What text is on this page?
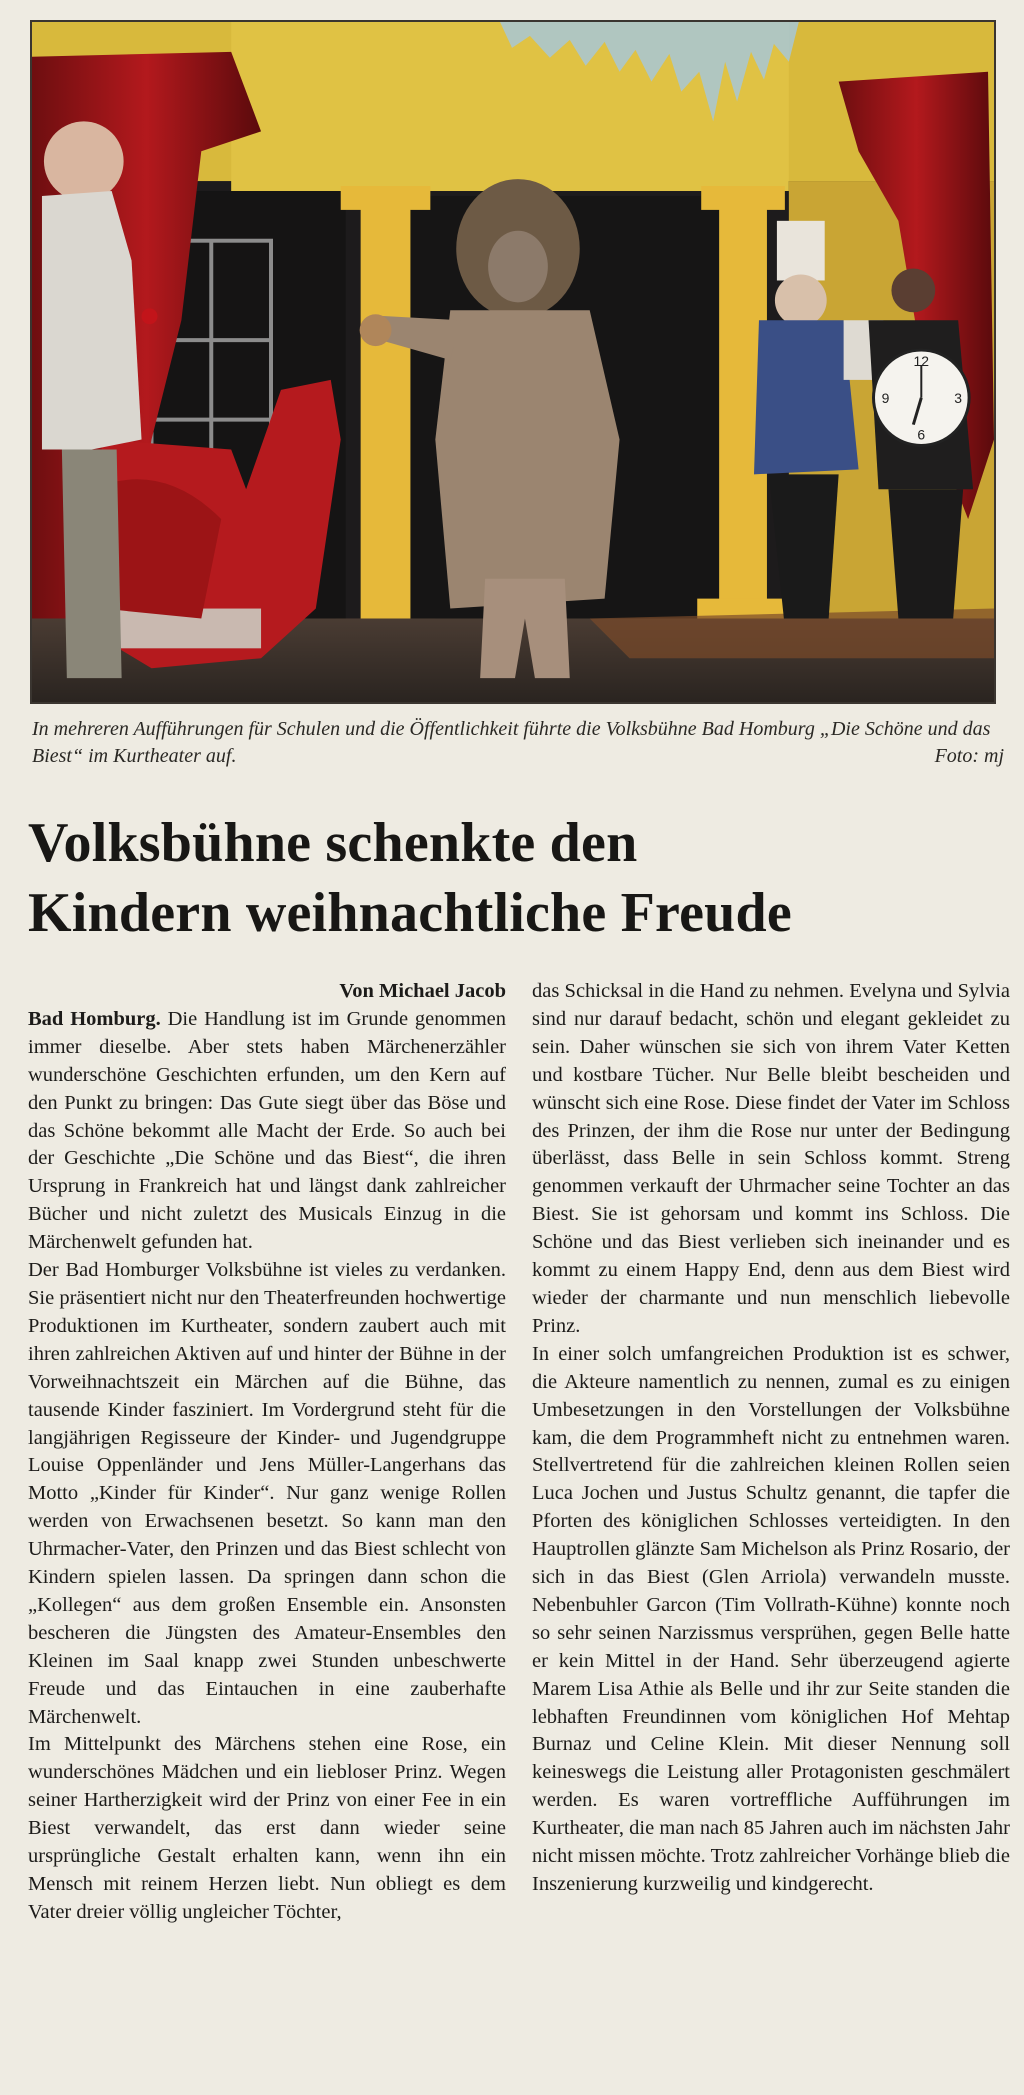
12
3
6
9
In mehreren Aufführungen für Schulen und die Öffentlichkeit führte die Volksbühne Bad Homburg „Die Schöne und das Biest“ im Kurtheater auf.	Foto: mj
Volksbühne schenkte den
Kindern weihnachtliche Freude

Von Michael Jacob

Bad Homburg. Die Handlung ist im Grunde genommen immer dieselbe. Aber stets haben Märchenerzähler wunderschöne Geschichten erfunden, um den Kern auf den Punkt zu bringen: Das Gute siegt über das Böse und das Schöne bekommt alle Macht der Erde. So auch bei der Geschichte „Die Schöne und das Biest“, die ihren Ursprung in Frankreich hat und längst dank zahlreicher Bücher und nicht zuletzt des Musicals Einzug in die Märchenwelt gefunden hat.

Der Bad Homburger Volksbühne ist vieles zu verdanken. Sie präsentiert nicht nur den Theaterfreunden hochwertige Produktionen im Kurtheater, sondern zaubert auch mit ihren zahlreichen Aktiven auf und hinter der Bühne in der Vorweihnachtszeit ein Märchen auf die Bühne, das tausende Kinder fasziniert. Im Vordergrund steht für die langjährigen Regisseure der Kinder- und Jugendgruppe Louise Oppenländer und Jens Müller-Langerhans das Motto „Kinder für Kinder“. Nur ganz wenige Rollen werden von Erwachsenen besetzt. So kann man den Uhrmacher-Vater, den Prinzen und das Biest schlecht von Kindern spielen lassen. Da springen dann schon die „Kollegen“ aus dem großen Ensemble ein. Ansonsten bescheren die Jüngsten des Amateur-Ensembles den Kleinen im Saal knapp zwei Stunden unbeschwerte Freude und das Eintauchen in eine zauberhafte Märchenwelt.

Im Mittelpunkt des Märchens stehen eine Rose, ein wunderschönes Mädchen und ein liebloser Prinz. Wegen seiner Hartherzigkeit wird der Prinz von einer Fee in ein Biest verwandelt, das erst dann wieder seine ursprüngliche Gestalt erhalten kann, wenn ihn ein Mensch mit reinem Herzen liebt. Nun obliegt es dem Vater dreier völlig ungleicher Töchter,

das Schicksal in die Hand zu nehmen. Evelyna und Sylvia sind nur darauf bedacht, schön und elegant gekleidet zu sein. Daher wünschen sie sich von ihrem Vater Ketten und kostbare Tücher. Nur Belle bleibt bescheiden und wünscht sich eine Rose. Diese findet der Vater im Schloss des Prinzen, der ihm die Rose nur unter der Bedingung überlässt, dass Belle in sein Schloss kommt. Streng genommen verkauft der Uhrmacher seine Tochter an das Biest. Sie ist gehorsam und kommt ins Schloss. Die Schöne und das Biest verlieben sich ineinander und es kommt zu einem Happy End, denn aus dem Biest wird wieder der charmante und nun menschlich liebevolle Prinz.

In einer solch umfangreichen Produktion ist es schwer, die Akteure namentlich zu nennen, zumal es zu einigen Umbesetzungen in den Vorstellungen der Volksbühne kam, die dem Programmheft nicht zu entnehmen waren. Stellvertretend für die zahlreichen kleinen Rollen seien Luca Jochen und Justus Schultz genannt, die tapfer die Pforten des königlichen Schlosses verteidigten. In den Hauptrollen glänzte Sam Michelson als Prinz Rosario, der sich in das Biest (Glen Arriola) verwandeln musste. Nebenbuhler Garcon (Tim Vollrath-Kühne) konnte noch so sehr seinen Narzissmus versprühen, gegen Belle hatte er kein Mittel in der Hand. Sehr überzeugend agierte Marem Lisa Athie als Belle und ihr zur Seite standen die lebhaften Freundinnen vom königlichen Hof Mehtap Burnaz und Celine Klein. Mit dieser Nennung soll keineswegs die Leistung aller Protagonisten geschmälert werden. Es waren vortreffliche Aufführungen im Kurtheater, die man nach 85 Jahren auch im nächsten Jahr nicht missen möchte. Trotz zahlreicher Vorhänge blieb die Inszenierung kurzweilig und kindgerecht.
